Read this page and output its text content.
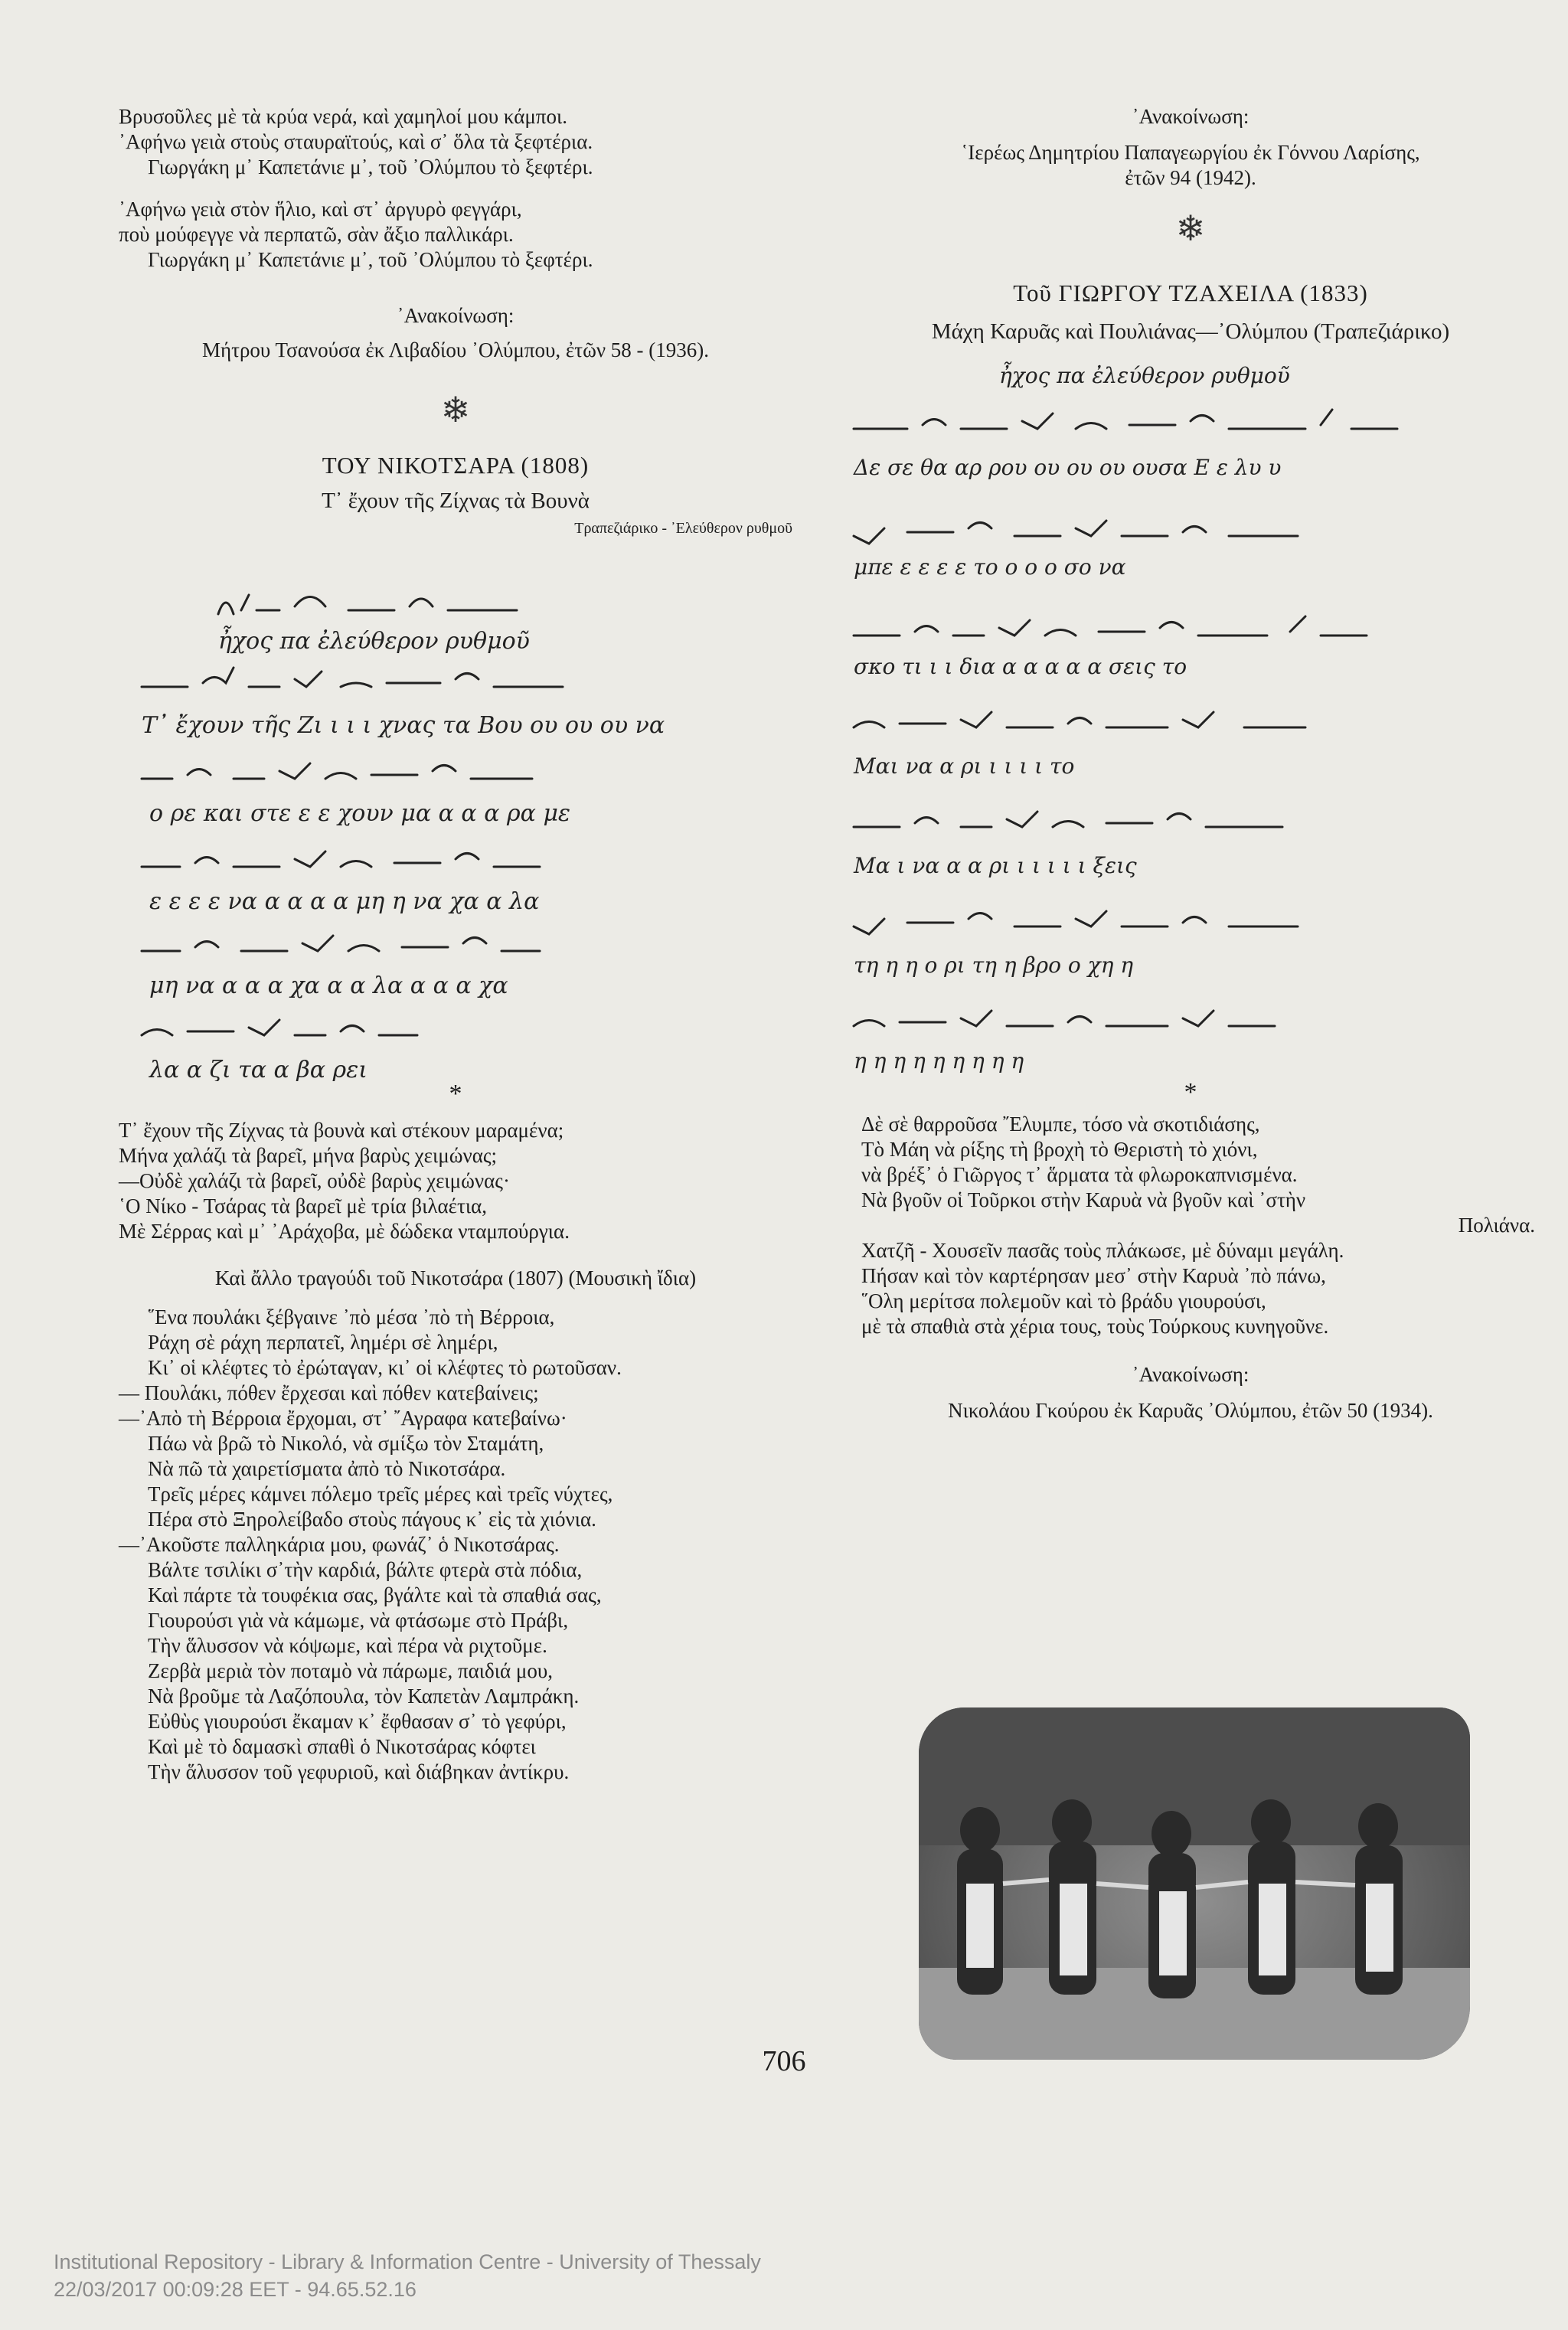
Βρυσοῦλες μὲ τὰ κρύα νερά, καὶ χαμηλοί μου κάμποι.
᾿Αφήνω γειὰ στοὺς σταυραϊτούς, καὶ σ᾿ ὅλα τὰ ξεφτέρια.
Γιωργάκη μ᾿ Καπετάνιε μ᾿, τοῦ ᾿Ολύμπου τὸ ξεφτέρι.
᾿Αφήνω γειὰ στὸν ἥλιο, καὶ στ᾿ ἀργυρὸ φεγγάρι,
ποὺ μούφεγγε νὰ περπατῶ, σὰν ἄξιο παλλικάρι.
Γιωργάκη μ᾿ Καπετάνιε μ᾿, τοῦ ᾿Ολύμπου τὸ ξεφτέρι.
᾿Ανακοίνωση:
Μήτρου Τσανούσα ἐκ Λιβαδίου ᾿Ολύμπου, ἐτῶν 58 - (1936).
❄
ΤΟΥ ΝΙΚΟΤΣΑΡΑ (1808)
Τ᾿ ἔχουν τῆς Ζίχνας τὰ Βουνὰ
Τραπεζιάρικο - ᾿Ελεύθερον ρυθμοῦ
ἦχος πα ἐλεύθερον ρυθμοῦ
Τ᾿ ἔχουν τῆς Ζι ι ι ι χνας τα Βου ου ου ου να
ο ρε και στε ε ε χουν μα α α α ρα με
ε ε ε ε να α α α α μη η να χα α λα
μη να α α α χα α α λα α α α χα
λα α ζι τα α βα ρει
*
Τ᾿ ἔχουν τῆς Ζίχνας τὰ βουνὰ καὶ στέκουν μαραμένα;
Μήνα χαλάζι τὰ βαρεῖ, μήνα βαρὺς χειμώνας;
—Οὐδὲ χαλάζι τὰ βαρεῖ, οὐδὲ βαρὺς χειμώνας·
῾Ο Νίκο - Τσάρας τὰ βαρεῖ μὲ τρία βιλαέτια,
Μὲ Σέρρας καὶ μ᾿ ᾿Αράχοβα, μὲ δώδεκα νταμπούργια.
Καὶ ἄλλο τραγούδι τοῦ Νικοτσάρα (1807) (Μουσικὴ ἴδια)
῞Ενα πουλάκι ξέβγαινε ᾿πὸ μέσα ᾿πὸ τὴ Βέρροια,
Ράχη σὲ ράχη περπατεῖ, λημέρι σὲ λημέρι,
Κι᾿ οἱ κλέφτες τὸ ἐρώταγαν, κι᾿ οἱ κλέφτες τὸ ρωτοῦσαν.
— Πουλάκι, πόθεν ἔρχεσαι καὶ πόθεν κατεβαίνεις;
—᾿Απὸ τὴ Βέρροια ἔρχομαι, στ᾿ ῎Αγραφα κατεβαίνω·
Πάω νὰ βρῶ τὸ Νικολό, νὰ σμίξω τὸν Σταμάτη,
Νὰ πῶ τὰ χαιρετίσματα ἀπὸ τὸ Νικοτσάρα.
Τρεῖς μέρες κάμνει πόλεμο τρεῖς μέρες καὶ τρεῖς νύχτες,
Πέρα στὸ Ξηρολείβαδο στοὺς πάγους κ᾿ εἰς τὰ χιόνια.
—᾿Ακοῦστε παλληκάρια μου, φωνάζ᾿ ὁ Νικοτσάρας.
Βάλτε τσιλίκι σ᾿τὴν καρδιά, βάλτε φτερὰ στὰ πόδια,
Καὶ πάρτε τὰ τουφέκια σας, βγάλτε καὶ τὰ σπαθιά σας,
Γιουρούσι γιὰ νὰ κάμωμε, νὰ φτάσωμε στὸ Πράβι,
Τὴν ἅλυσσον νὰ κόψωμε, καὶ πέρα νὰ ριχτοῦμε.
Ζερβὰ μεριὰ τὸν ποταμὸ νὰ πάρωμε, παιδιά μου,
Νὰ βροῦμε τὰ Λαζόπουλα, τὸν Καπετὰν Λαμπράκη.
Εὐθὺς γιουρούσι ἔκαμαν κ᾿ ἔφθασαν σ᾿ τὸ γεφύρι,
Καὶ μὲ τὸ δαμασκὶ σπαθὶ ὁ Νικοτσάρας κόφτει
Τὴν ἅλυσσον τοῦ γεφυριοῦ, καὶ διάβηκαν ἀντίκρυ.
᾿Ανακοίνωση:
῾Ιερέως Δημητρίου Παπαγεωργίου ἐκ Γόννου Λαρίσης,
ἐτῶν 94 (1942).
❄
Τοῦ ΓΙΩΡΓΟΥ ΤΖΑΧΕΙΛΑ (1833)
Μάχη Καρυᾶς καὶ Πουλιάνας—᾿Ολύμπου (Τραπεζιάρικο)
ἦχος πα ἐλεύθερον ρυθμοῦ
Δε σε θα αρ ρου ου ου ου ουσα Ε ε λυ υ
μπε ε ε ε ε το ο ο ο σο να
σκο τι ι ι δια α α α α α σεις το
Μαι να α ρι ι ι ι ι το
Μα ι να α α ρι ι ι ι ι ι ξεις
τη η η ο ρι τη η βρο ο χη η
η η η η η η η η η
*
Δὲ σὲ θαρροῦσα ῎Ελυμπε, τόσο νὰ σκοτιδιάσης,
Τὸ Μάη νὰ ρίξης τὴ βροχὴ τὸ Θεριστὴ τὸ χιόνι,
νὰ βρέξ᾿ ὁ Γιῶργος τ᾿ ἅρματα τὰ φλωροκαπνισμένα.
Νὰ βγοῦν οἱ Τοῦρκοι στὴν Καρυὰ νὰ βγοῦν καὶ ᾿στὴν
Πολιάνα.
Χατζῆ - Χουσεῖν πασᾶς τοὺς πλάκωσε, μὲ δύναμι μεγάλη.
Πήσαν καὶ τὸν καρτέρησαν μεσ᾿ στὴν Καρυὰ ᾿πὸ πάνω,
῞Ολη μερίτσα πολεμοῦν καὶ τὸ βράδυ γιουρούσι,
μὲ τὰ σπαθιὰ στὰ χέρια τους, τοὺς Τούρκους κυνηγοῦνε.
᾿Ανακοίνωση:
Νικολάου Γκούρου ἐκ Καρυᾶς ᾿Ολύμπου, ἐτῶν 50 (1934).
706
Institutional Repository - Library & Information Centre - University of Thessaly
22/03/2017 00:09:28 EET - 94.65.52.16
